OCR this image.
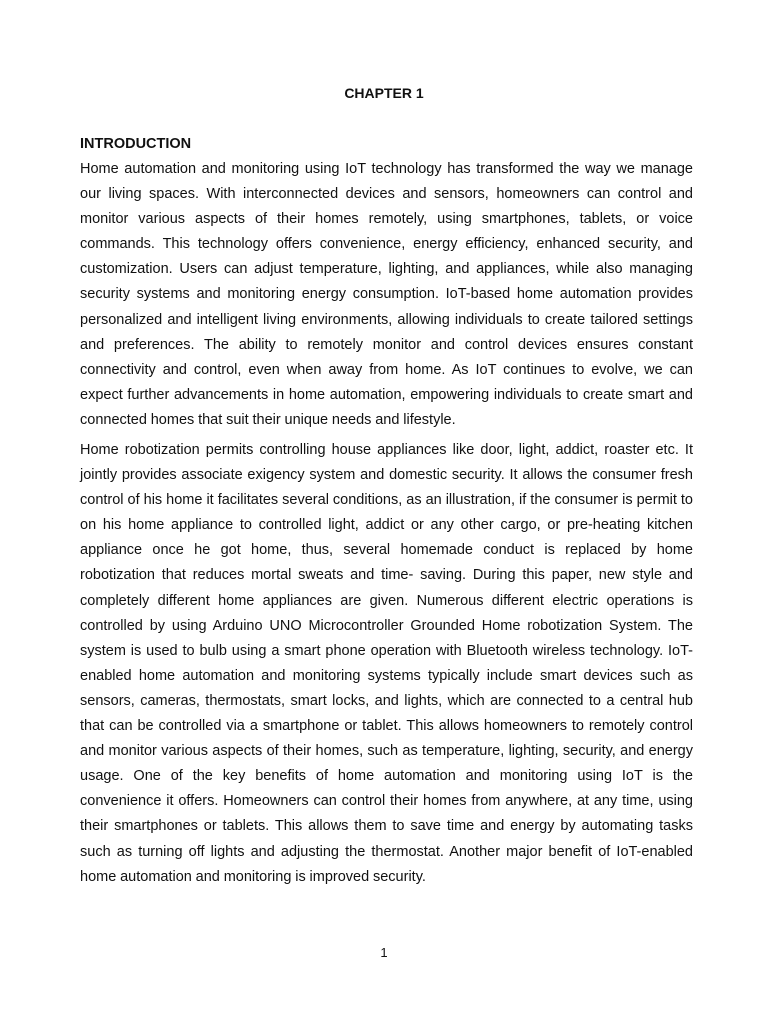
CHAPTER 1
INTRODUCTION

Home automation and monitoring using IoT technology has transformed the way we manage our living spaces. With interconnected devices and sensors, homeowners can control and monitor various aspects of their homes remotely, using smartphones, tablets, or voice commands. This technology offers convenience, energy efficiency, enhanced security, and customization. Users can adjust temperature, lighting, and appliances, while also managing security systems and monitoring energy consumption. IoT-based home automation provides personalized and intelligent living environments, allowing individuals to create tailored settings and preferences. The ability to remotely monitor and control devices ensures constant connectivity and control, even when away from home. As IoT continues to evolve, we can expect further advancements in home automation, empowering individuals to create smart and connected homes that suit their unique needs and lifestyle.

Home robotization permits controlling house appliances like door, light, addict, roaster etc. It jointly provides associate exigency system and domestic security. It allows the consumer fresh control of his home it facilitates several conditions, as an illustration, if the consumer is permit to on his home appliance to controlled light, addict or any other cargo, or pre-heating kitchen appliance once he got home, thus, several homemade conduct is replaced by home robotization that reduces mortal sweats and time- saving. During this paper, new style and completely different home appliances are given. Numerous different electric operations is controlled by using Arduino UNO Microcontroller Grounded Home robotization System. The system is used to bulb using a smart phone operation with Bluetooth wireless technology. IoT-enabled home automation and monitoring systems typically include smart devices such as sensors, cameras, thermostats, smart locks, and lights, which are connected to a central hub that can be controlled via a smartphone or tablet. This allows homeowners to remotely control and monitor various aspects of their homes, such as temperature, lighting, security, and energy usage. One of the key benefits of home automation and monitoring using IoT is the convenience it offers. Homeowners can control their homes from anywhere, at any time, using their smartphones or tablets. This allows them to save time and energy by automating tasks such as turning off lights and adjusting the thermostat. Another major benefit of IoT-enabled home automation and monitoring is improved security.

1
